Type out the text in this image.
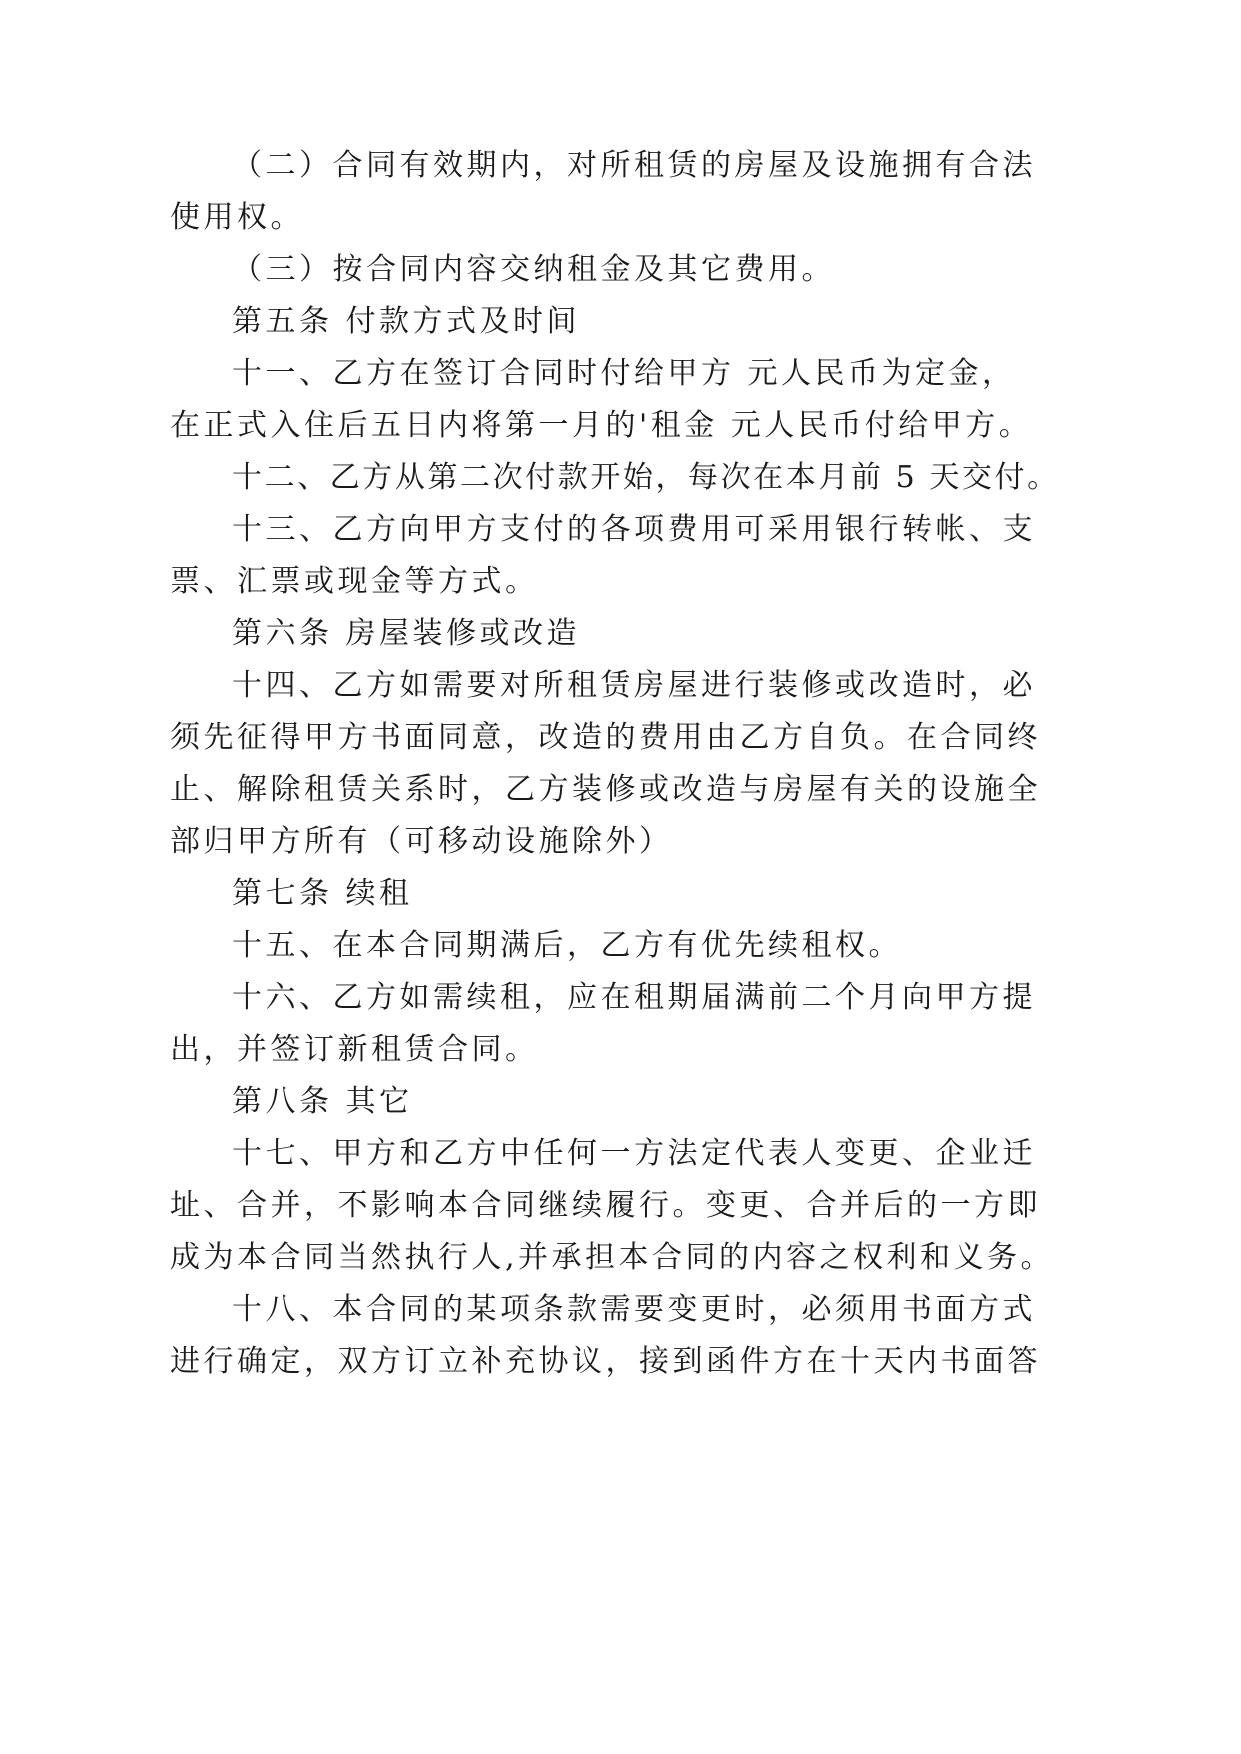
（二）合同有效期内，对所租赁的房屋及设施拥有合法
使用权。
（三）按合同内容交纳租金及其它费用。
第五条 付款方式及时间
十一、乙方在签订合同时付给甲方 元人民币为定金，
在正式入住后五日内将第一月的'租金 元人民币付给甲方。
十二、乙方从第二次付款开始，每次在本月前 5 天交付。
十三、乙方向甲方支付的各项费用可采用银行转帐、支
票、汇票或现金等方式。
第六条 房屋装修或改造
十四、乙方如需要对所租赁房屋进行装修或改造时，必
须先征得甲方书面同意，改造的费用由乙方自负。在合同终
止、解除租赁关系时，乙方装修或改造与房屋有关的设施全
部归甲方所有（可移动设施除外）
第七条 续租
十五、在本合同期满后，乙方有优先续租权。
十六、乙方如需续租，应在租期届满前二个月向甲方提
出，并签订新租赁合同。
第八条 其它
十七、甲方和乙方中任何一方法定代表人变更、企业迁
址、合并，不影响本合同继续履行。变更、合并后的一方即
成为本合同当然执行人,并承担本合同的内容之权利和义务。
十八、本合同的某项条款需要变更时，必须用书面方式
进行确定，双方订立补充协议，接到函件方在十天内书面答
